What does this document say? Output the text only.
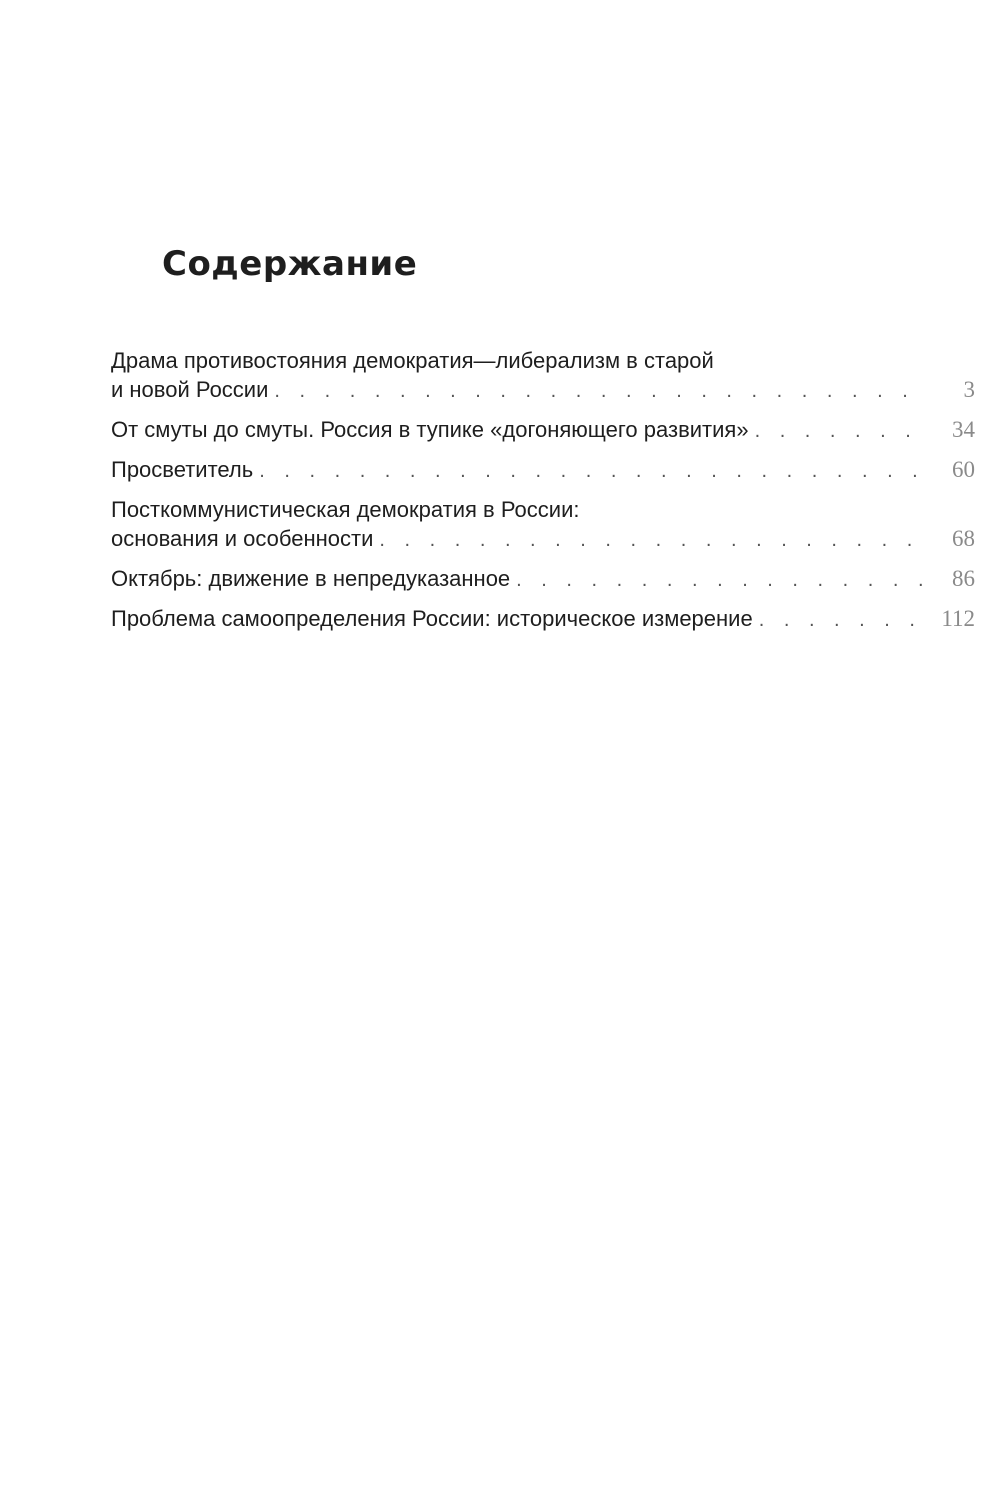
Содержание
Драма противостояния демократия—либерализм в старой
и новой России . . .	3
От смуты до смуты. Россия в тупике «догоняющего развития» . . .	34
Просветитель . . .	60
Посткоммунистическая демократия в России:
основания и особенности . . .	68
Октябрь: движение в непредуказанное . . .	86
Проблема самоопределения России: историческое измерение . . .	112
